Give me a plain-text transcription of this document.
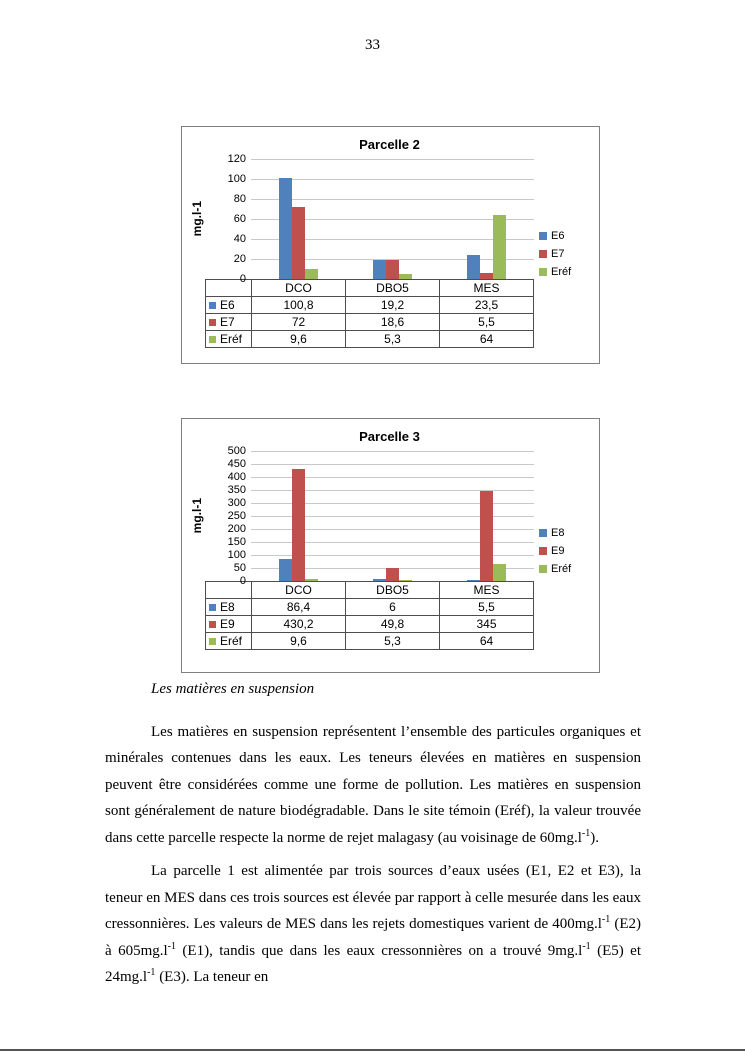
33
Parcelle 2
mg.l-1
0
20
40
60
80
100
120
	DCO	DBO5	MES
E6	100,8	19,2	23,5
E7	72	18,6	5,5
Eréf	9,6	5,3	64
E6
E7
Eréf
Parcelle 3
mg.l-1
0
50
100
150
200
250
300
350
400
450
500
	DCO	DBO5	MES
E8	86,4	6	5,5
E9	430,2	49,8	345
Eréf	9,6	5,3	64
E8
E9
Eréf
Les matières en suspension

Les matières en suspension représentent l’ensemble des particules organiques et minérales contenues dans les eaux. Les teneurs élevées en matières en suspension peuvent être considérées comme une forme de pollution. Les matières en suspension sont généralement de nature biodégradable. Dans le site témoin (Eréf), la valeur trouvée dans cette parcelle respecte la norme de rejet malagasy (au voisinage de $60mg.l^{-1}$).

La parcelle 1 est alimentée par trois sources d’eaux usées (E1, E2 et E3), la teneur en MES dans ces trois sources est élevée par rapport à celle mesurée dans les eaux cressonnières. Les valeurs de MES dans les rejets domestiques varient de $400mg.l^{-1}$ (E2) à $605mg.l^{-1}$ (E1), tandis que dans les eaux cressonnières on a trouvé $9mg.l^{-1}$ (E5) et $24mg.l^{-1}$ (E3). La teneur en
